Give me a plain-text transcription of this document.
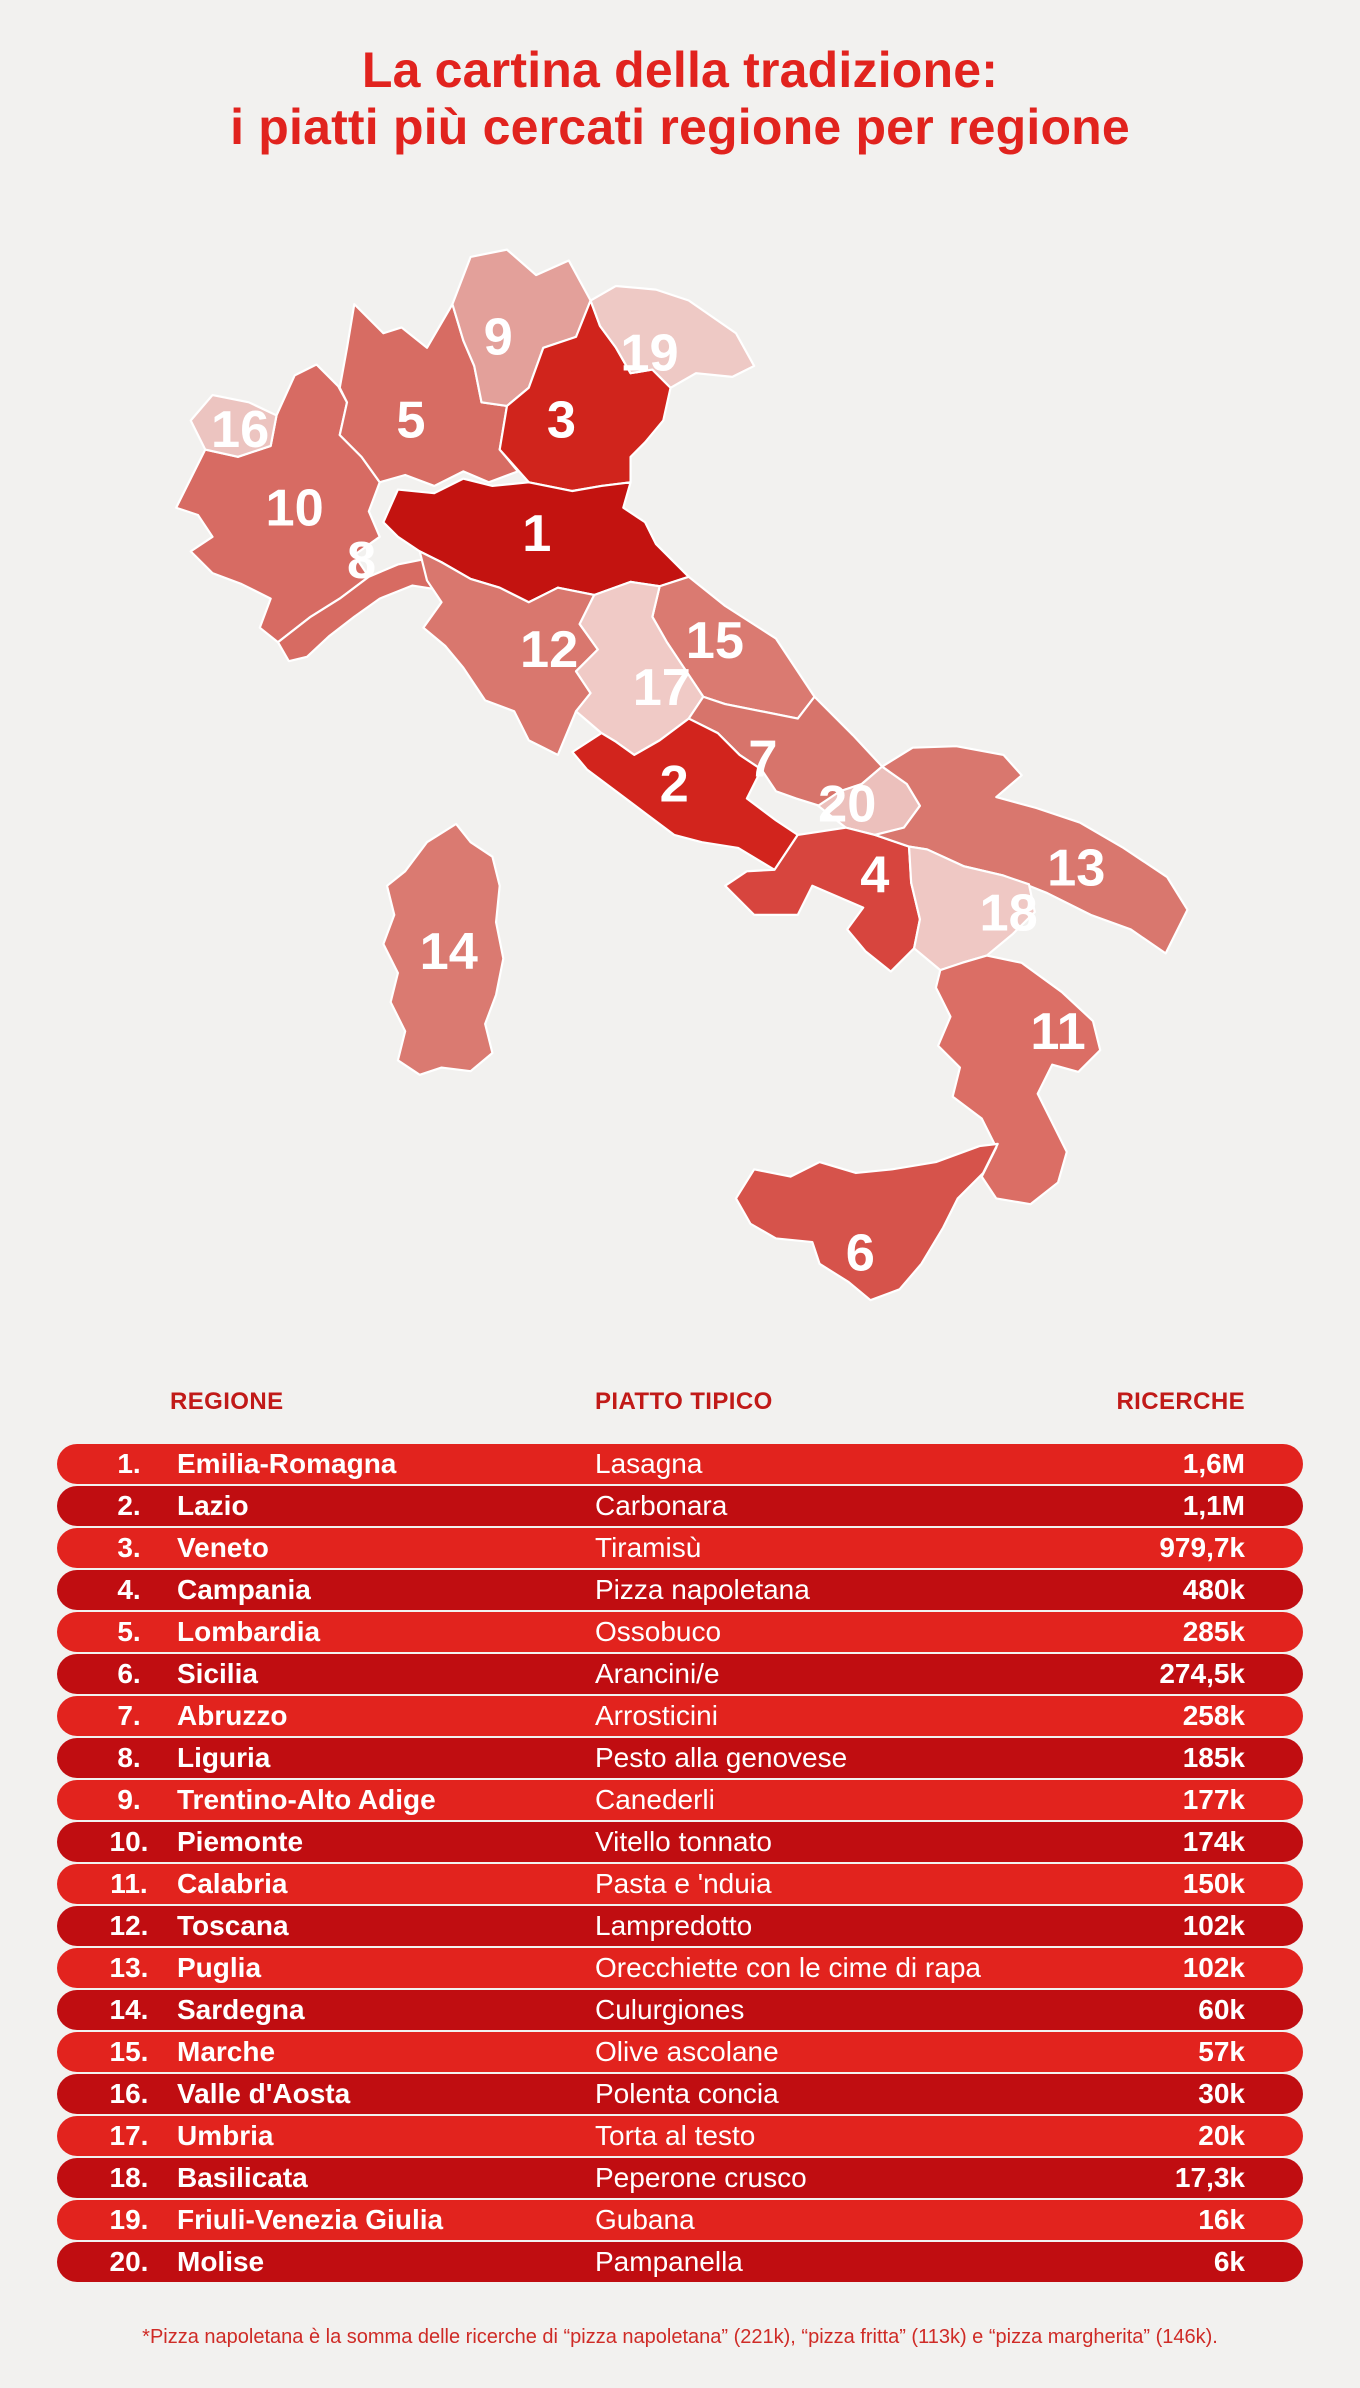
La cartina della tradizione:
i piatti più cercati regione per regione
1
2
3
4
5
6
7
8
9
10
11
12
13
14
15
16
17
18
19
20
REGIONE	PIATTO TIPICO	RICERCHE
1.	Emilia-Romagna	Lasagna	1,6M
2.	Lazio	Carbonara	1,1M
3.	Veneto	Tiramisù	979,7k
4.	Campania	Pizza napoletana	480k
5.	Lombardia	Ossobuco	285k
6.	Sicilia	Arancini/e	274,5k
7.	Abruzzo	Arrosticini	258k
8.	Liguria	Pesto alla genovese	185k
9.	Trentino-Alto Adige	Canederli	177k
10.	Piemonte	Vitello tonnato	174k
11.	Calabria	Pasta e 'nduia	150k
12.	Toscana	Lampredotto	102k
13.	Puglia	Orecchiette con le cime di rapa	102k
14.	Sardegna	Culurgiones	60k
15.	Marche	Olive ascolane	57k
16.	Valle d'Aosta	Polenta concia	30k
17.	Umbria	Torta al testo	20k
18.	Basilicata	Peperone crusco	17,3k
19.	Friuli-Venezia Giulia	Gubana	16k
20.	Molise	Pampanella	6k

*Pizza napoletana è la somma delle ricerche di “pizza napoletana” (221k), “pizza fritta” (113k) e “pizza margherita” (146k).
